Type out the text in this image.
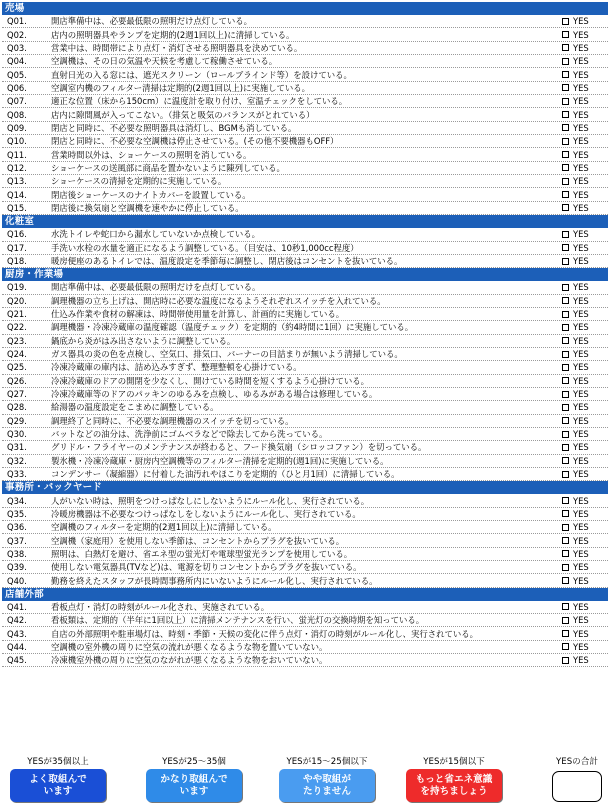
売場
Q01.	開店準備中は、必要最低限の照明だけ点灯している。	YES
Q02.	店内の照明器具やランプを定期的(2週1回以上)に清掃している。	YES
Q03.	営業中は、時間帯により点灯・消灯させる照明器具を決めている。	YES
Q04.	空調機は、その日の気温や天候を考慮して稼働させている。	YES
Q05.	直射日光の入る窓には、遮光スクリーン（ロールブラインド等）を設けている。	YES
Q06.	空調室内機のフィルター清掃は定期的(2週1回以上)に実施している。	YES
Q07.	適正な位置（床から150cm）に温度計を取り付け、室温チェックをしている。	YES
Q08.	店内に隙間風が入ってこない。（排気と吸気のバランスがとれている）	YES
Q09.	閉店と同時に、不必要な照明器具は消灯し、BGMも消している。	YES
Q10.	閉店と同時に、不必要な空調機は停止させている。(その他不要機器もOFF）	YES
Q11.	営業時間以外は、ショーケースの照明を消している。	YES
Q12.	ショーケースの送風部に商品を置かないように陳列している。	YES
Q13.	ショーケースの清掃を定期的に実施している。	YES
Q14.	閉店後ショーケースのナイトカバーを設置している。	YES
Q15.	閉店後に換気扇と空調機を速やかに停止している。	YES
化粧室
Q16.	水洗トイレや蛇口から漏水していないか点検している。	YES
Q17.	手洗い水栓の水量を適正になるよう調整している。（目安は、10秒1,000cc程度）	YES
Q18.	暖房便座のあるトイレでは、温度設定を季節毎に調整し、閉店後はコンセントを抜いている。	YES
厨房・作業場
Q19.	開店準備中は、必要最低限の照明だけを点灯している。	YES
Q20.	調理機器の立ち上げは、開店時に必要な温度になるようそれぞれスイッチを入れている。	YES
Q21.	仕込み作業や食材の解凍は、時間帯使用量を計算し、計画的に実施している。	YES
Q22.	調理機器・冷凍冷蔵庫の温度確認（温度チェック）を定期的（約4時間に1回）に実施している。	YES
Q23.	鍋底から炎がはみ出さないように調整している。	YES
Q24.	ガス器具の炎の色を点検し、空気口、排気口、バーナーの目詰まりが無いよう清掃している。	YES
Q25.	冷凍冷蔵庫の庫内は、詰め込みすぎず、整理整頓を心掛けている。	YES
Q26.	冷凍冷蔵庫のドアの開閉を少なくし、開けている時間を短くするよう心掛けている。	YES
Q27.	冷凍冷蔵庫等のドアのパッキンのゆるみを点検し、ゆるみがある場合は修理している。	YES
Q28.	給湯器の温度設定をこまめに調整している。	YES
Q29.	調理終了と同時に、不必要な調理機器のスイッチを切っている。	YES
Q30.	バットなどの油分は、洗浄前にゴムベラなどで除去してから洗っている。	YES
Q31.	グリドル・フライヤーのメンテナンスが終わると、フード換気扇（シロッコファン）を切っている。	YES
Q32.	製氷機・冷凍冷蔵庫・厨房内空調機等のフィルター清掃を定期的(週1回)に実施している。	YES
Q33.	コンデンサー（凝縮器）に付着した油汚れやほこりを定期的（ひと月1回）に清掃している。	YES
事務所・バックヤード
Q34.	人がいない時は、照明をつけっぱなしにしないようにルール化し、実行されている。	YES
Q35.	冷暖房機器は不必要なつけっぱなしをしないようにルール化し、実行されている。	YES
Q36.	空調機のフィルターを定期的(2週1回以上)に清掃している。	YES
Q37.	空調機（家庭用）を使用しない季節は、コンセントからプラグを抜いている。	YES
Q38.	照明は、白熱灯を避け、省エネ型の蛍光灯や電球型蛍光ランプを使用している。	YES
Q39.	使用しない電気器具(TVなど)は、電源を切りコンセントからプラグを抜いている。	YES
Q40.	勤務を終えたスタッフが長時間事務所内にいないようにルール化し、実行されている。	YES
店舗外部
Q41.	看板点灯・消灯の時刻がルール化され、実施されている。	YES
Q42.	看板類は、定期的（半年に1回以上）に清掃メンテナンスを行い、蛍光灯の交換時期を知っている。	YES
Q43.	自店の外部照明や駐車場灯は、時刻・季節・天候の変化に伴う点灯・消灯の時刻がルール化し、実行されている。	YES
Q44.	空調機の室外機の周りに空気の流れが悪くなるような物を置いていない。	YES
Q45.	冷凍機室外機の周りに空気のながれが悪くなるような物をおいていない。	YES
YESが35個以上
よく取組んで
います
YESが25～35個
かなり取組んで
います
YESが15～25個以下
やや取組が
たりません
YESが15個以下
もっと省エネ意識
を持ちましょう
YESの合計
